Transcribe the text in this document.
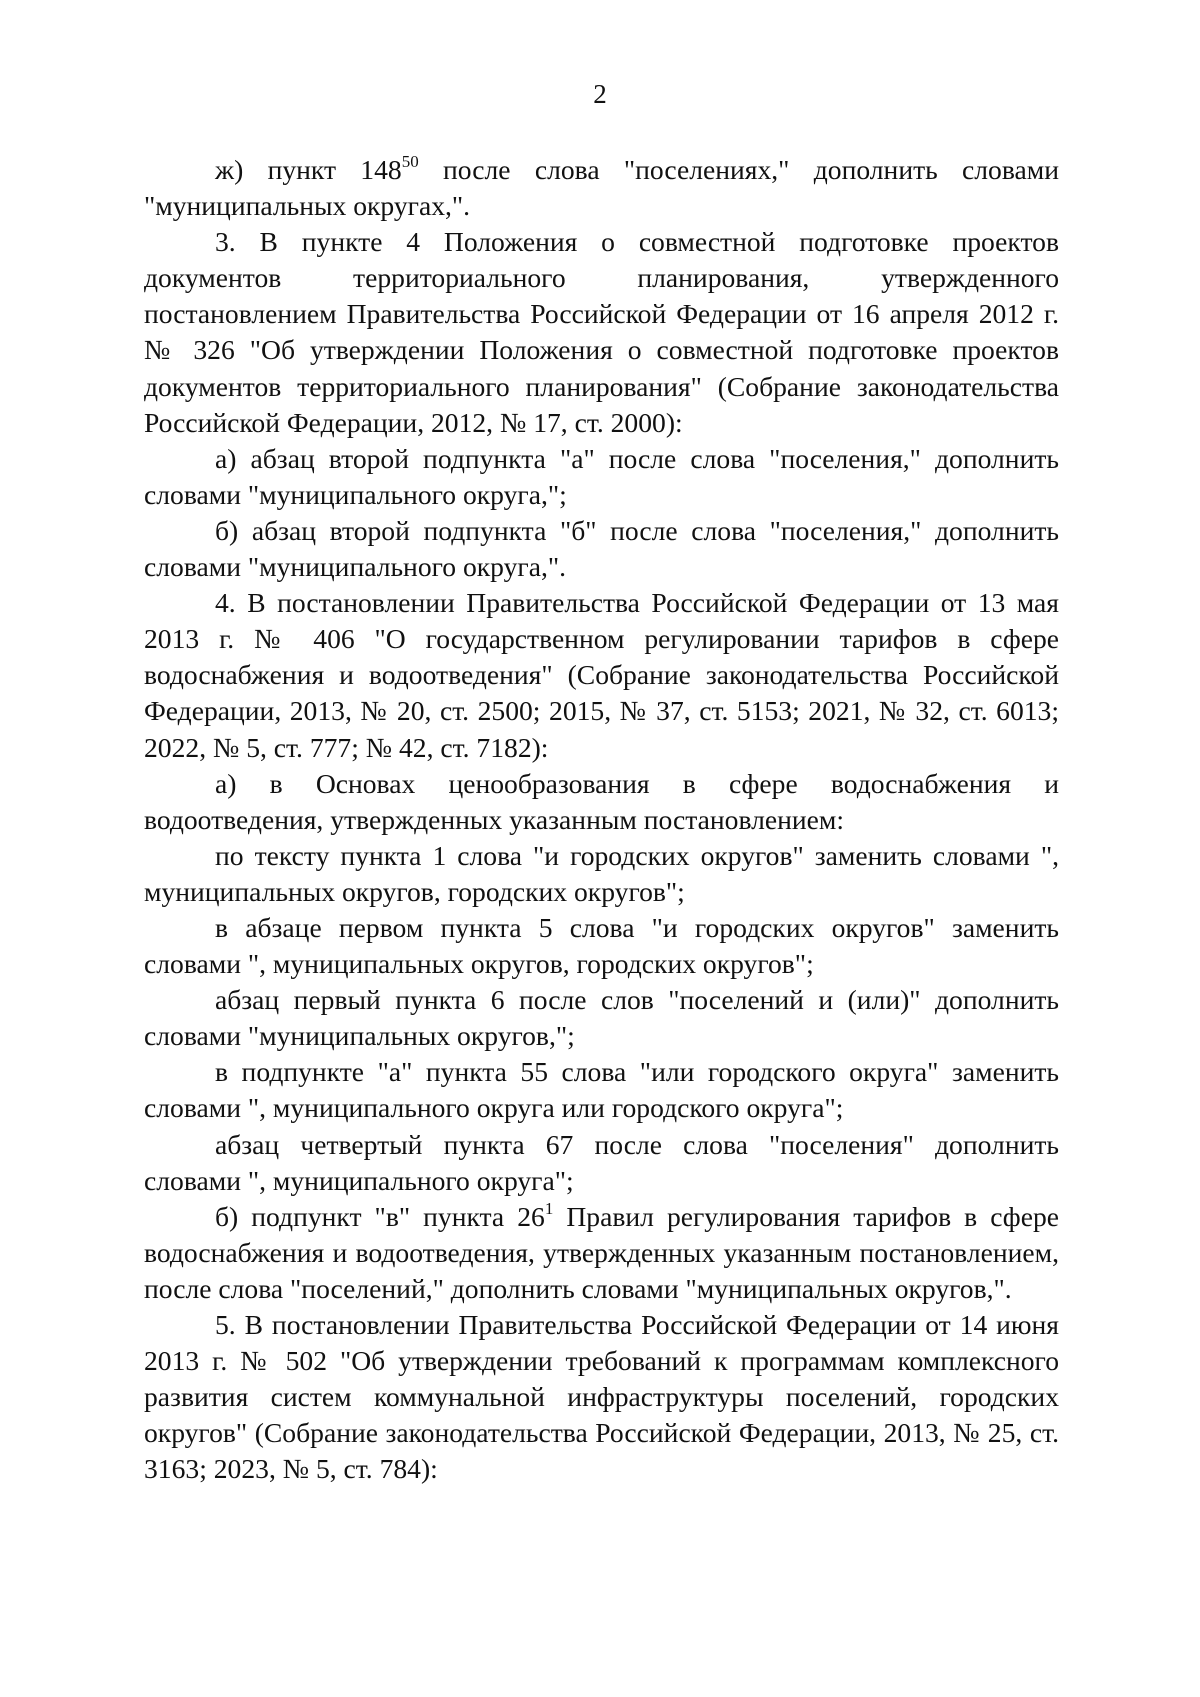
2

ж) пункт $148^{50}$ после слова "поселениях," дополнить словами "муниципальных округах,".

3. В пункте 4 Положения о совместной подготовке проектов документов территориального планирования, утвержденного постановлением Правительства Российской Федерации от 16 апреля 2012 г. № 326 "Об утверждении Положения о совместной подготовке проектов документов территориального планирования" (Собрание законодательства Российской Федерации, 2012, № 17, ст. 2000):

а) абзац второй подпункта "а" после слова "поселения," дополнить словами "муниципального округа,";

б) абзац второй подпункта "б" после слова "поселения," дополнить словами "муниципального округа,".

4. В постановлении Правительства Российской Федерации от 13 мая 2013 г. № 406 "О государственном регулировании тарифов в сфере водоснабжения и водоотведения" (Собрание законодательства Российской Федерации, 2013, № 20, ст. 2500; 2015, № 37, ст. 5153; 2021, № 32, ст. 6013; 2022, № 5, ст. 777; № 42, ст. 7182):

а) в Основах ценообразования в сфере водоснабжения и водоотведения, утвержденных указанным постановлением:

по тексту пункта 1 слова "и городских округов" заменить словами ", муниципальных округов, городских округов";

в абзаце первом пункта 5 слова "и городских округов" заменить словами ", муниципальных округов, городских округов";

абзац первый пункта 6 после слов "поселений и (или)" дополнить словами "муниципальных округов,";

в подпункте "а" пункта 55 слова "или городского округа" заменить словами ", муниципального округа или городского округа";

абзац четвертый пункта 67 после слова "поселения" дополнить словами ", муниципального округа";

б) подпункт "в" пункта $26^1$ Правил регулирования тарифов в сфере водоснабжения и водоотведения, утвержденных указанным постановлением, после слова "поселений," дополнить словами "муниципальных округов,".

5. В постановлении Правительства Российской Федерации от 14 июня 2013 г. № 502 "Об утверждении требований к программам комплексного развития систем коммунальной инфраструктуры поселений, городских округов" (Собрание законодательства Российской Федерации, 2013, № 25, ст. 3163; 2023, № 5, ст. 784):
